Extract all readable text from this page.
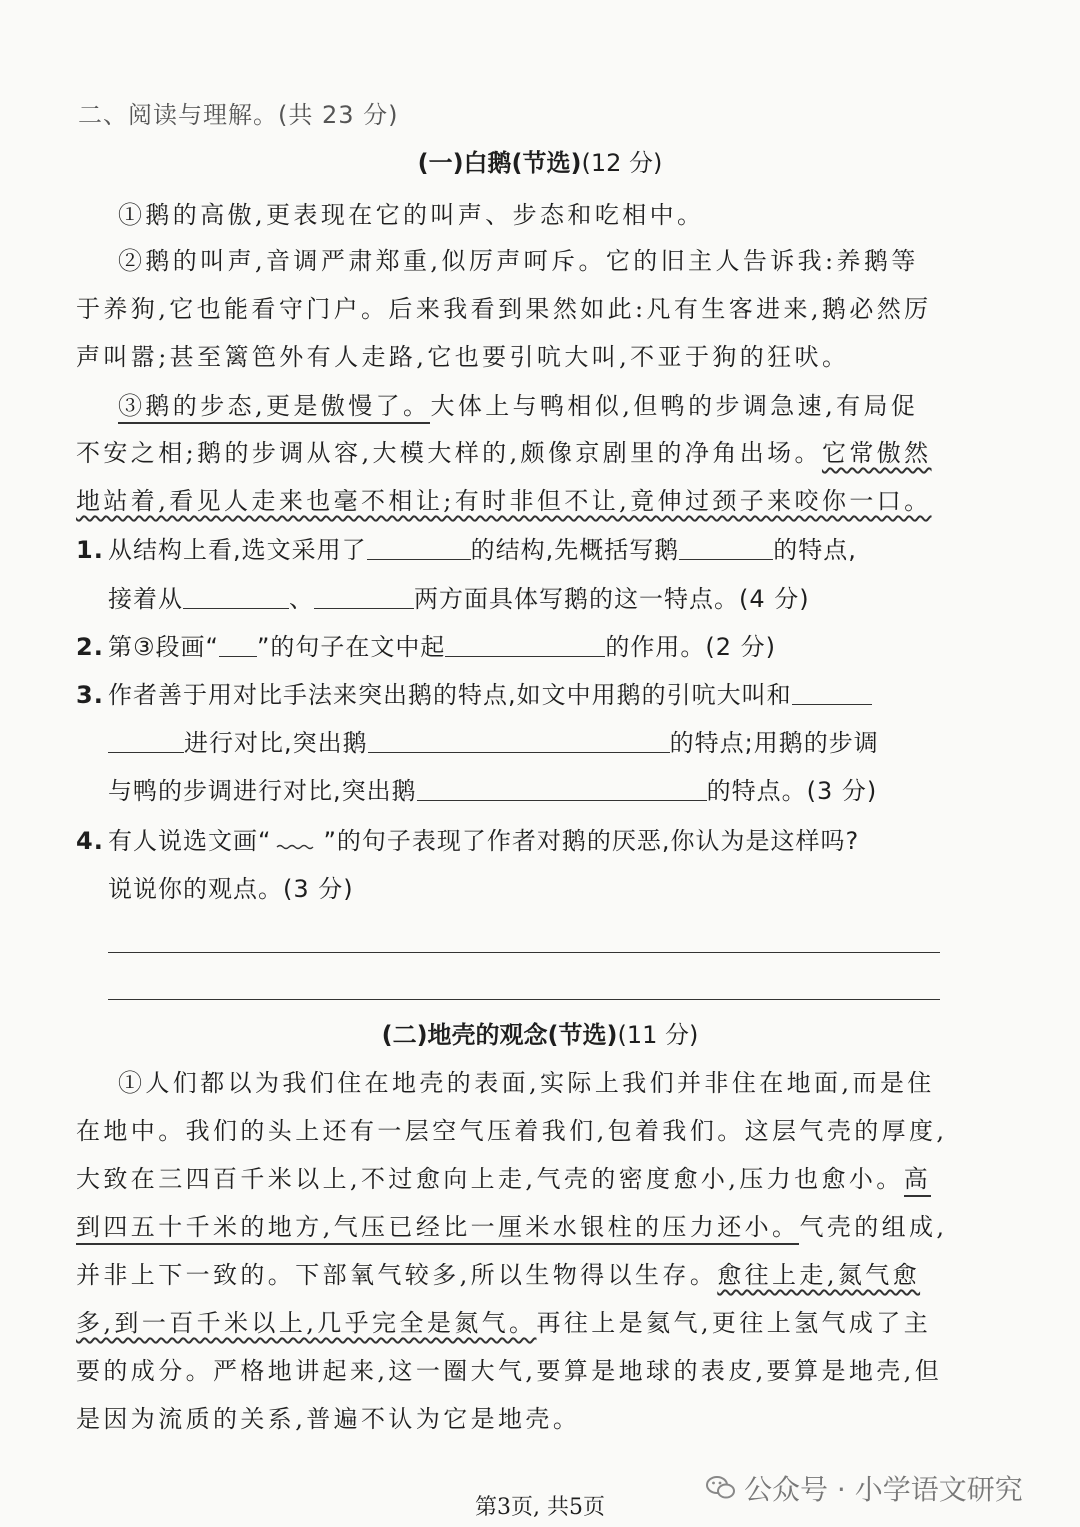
二、阅读与理解。(共 23 分)
(一)白鹅(节选)(12 分)
①鹅的高傲,更表现在它的叫声、步态和吃相中。
②鹅的叫声,音调严肃郑重,似厉声呵斥。它的旧主人告诉我:养鹅等
于养狗,它也能看守门户。后来我看到果然如此:凡有生客进来,鹅必然厉
声叫嚣;甚至篱笆外有人走路,它也要引吭大叫,不亚于狗的狂吠。
③鹅的步态,更是傲慢了。大体上与鸭相似,但鸭的步调急速,有局促
不安之相;鹅的步调从容,大模大样的,颇像京剧里的净角出场。它常傲然
地站着,看见人走来也毫不相让;有时非但不让,竟伸过颈子来咬你一口。
1. 从结构上看,选文采用了	的结构,先概括写鹅	的特点,
接着从	、	两方面具体写鹅的这一特点。(4 分)
2. 第③段画“ ”的句子在文中起	的作用。(2 分)
3. 作者善于用对比手法来突出鹅的特点,如文中用鹅的引吭大叫和
进行对比,突出鹅	的特点;用鹅的步调
与鸭的步调进行对比,突出鹅	的特点。(3 分)
4. 有人说选文画“ ”的句子表现了作者对鹅的厌恶,你认为是这样吗?
说说你的观点。(3 分)
(二)地壳的观念(节选)(11 分)
①人们都以为我们住在地壳的表面,实际上我们并非住在地面,而是住
在地中。我们的头上还有一层空气压着我们,包着我们。这层气壳的厚度,
大致在三四百千米以上,不过愈向上走,气壳的密度愈小,压力也愈小。高
到四五十千米的地方,气压已经比一厘米水银柱的压力还小。气壳的组成,
并非上下一致的。下部氧气较多,所以生物得以生存。愈往上走,氮气愈
多,到一百千米以上,几乎完全是氮气。再往上是氦气,更往上氢气成了主
要的成分。严格地讲起来,这一圈大气,要算是地球的表皮,要算是地壳,但
是因为流质的关系,普遍不认为它是地壳。
公众号 · 小学语文研究
第3页, 共5页
